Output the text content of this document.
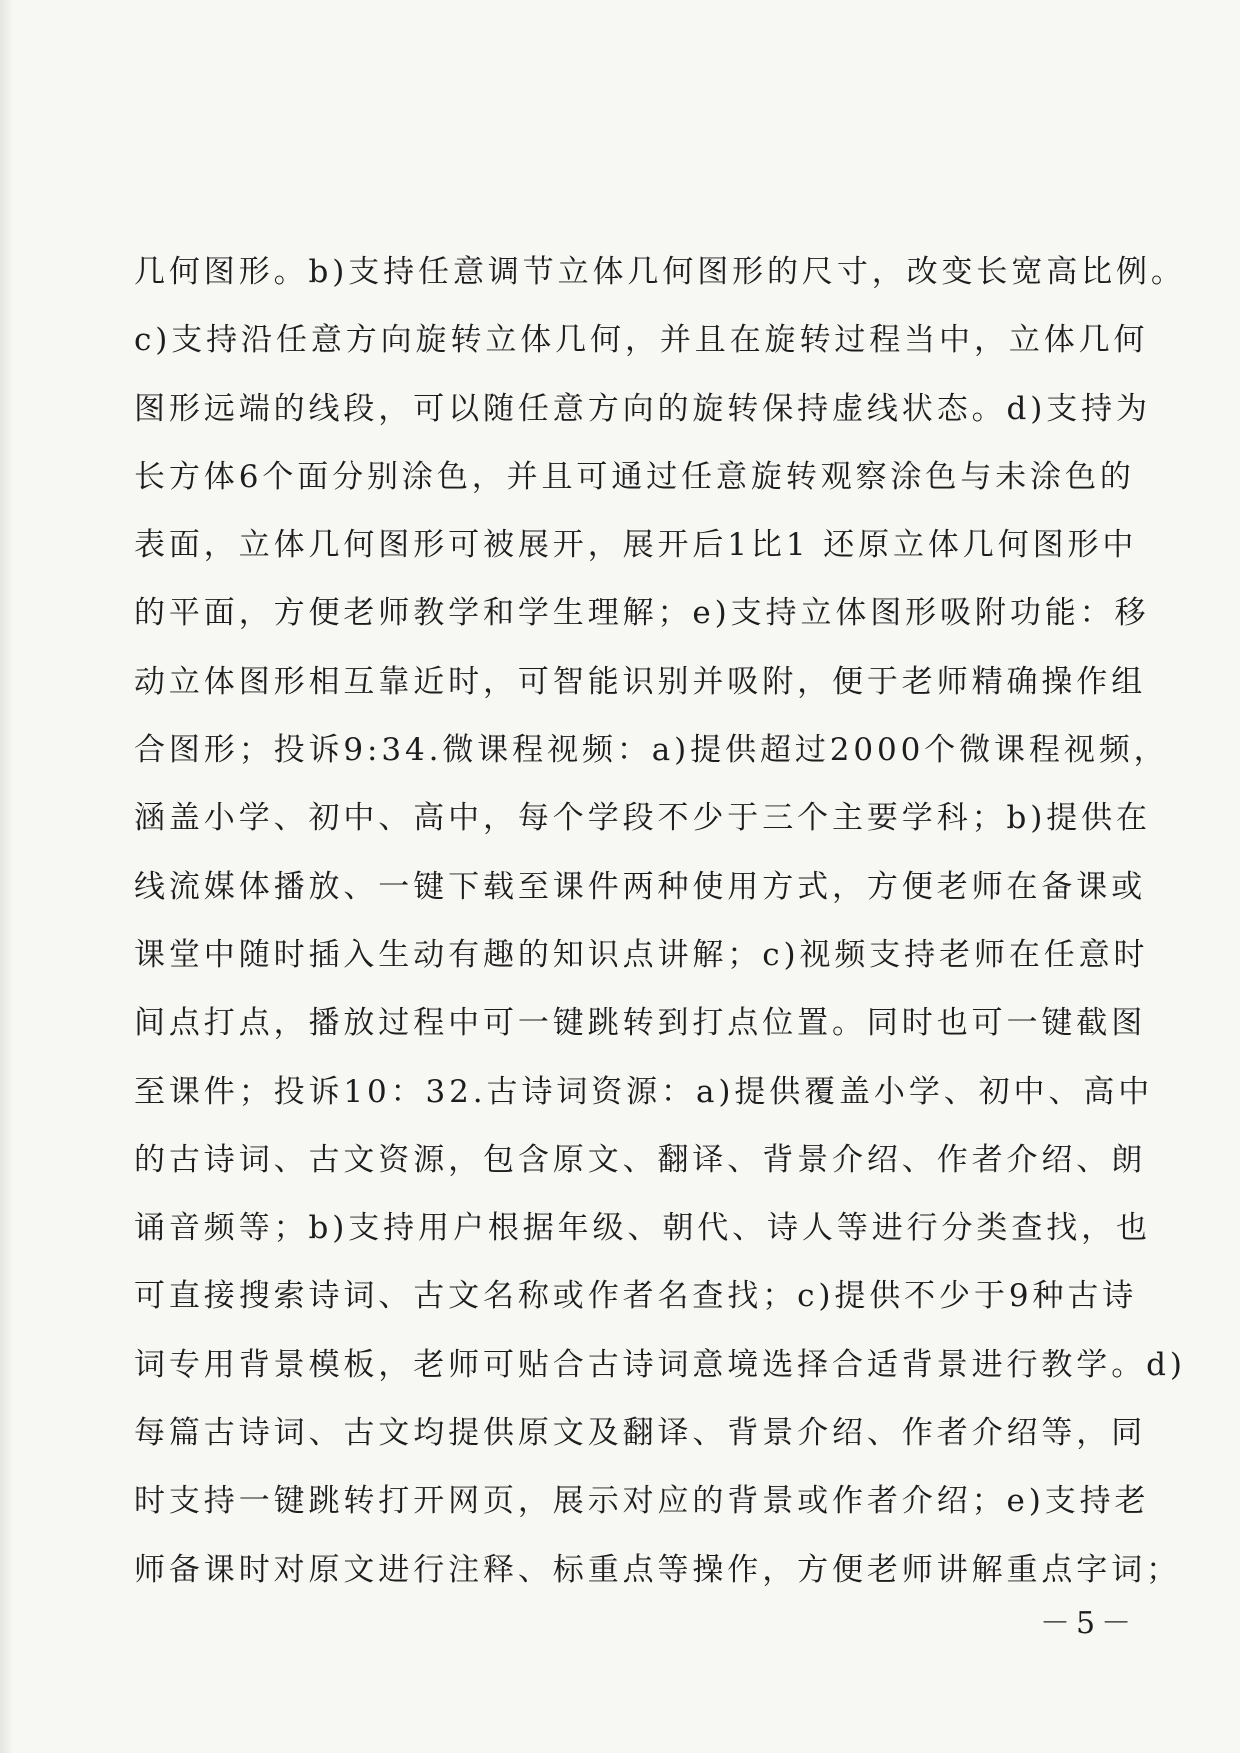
几何图形。b)支持任意调节立体几何图形的尺寸，改变长宽高比例。
c)支持沿任意方向旋转立体几何，并且在旋转过程当中，立体几何
图形远端的线段，可以随任意方向的旋转保持虚线状态。d)支持为
长方体6个面分别涂色，并且可通过任意旋转观察涂色与未涂色的
表面，立体几何图形可被展开，展开后1比1 还原立体几何图形中
的平面，方便老师教学和学生理解；e)支持立体图形吸附功能：移
动立体图形相互靠近时，可智能识别并吸附，便于老师精确操作组
合图形；投诉9:34.微课程视频：a)提供超过2000个微课程视频，
涵盖小学、初中、高中，每个学段不少于三个主要学科；b)提供在
线流媒体播放、一键下载至课件两种使用方式，方便老师在备课或
课堂中随时插入生动有趣的知识点讲解；c)视频支持老师在任意时
间点打点，播放过程中可一键跳转到打点位置。同时也可一键截图
至课件；投诉10：32.古诗词资源：a)提供覆盖小学、初中、高中
的古诗词、古文资源，包含原文、翻译、背景介绍、作者介绍、朗
诵音频等；b)支持用户根据年级、朝代、诗人等进行分类查找，也
可直接搜索诗词、古文名称或作者名查找；c)提供不少于9种古诗
词专用背景模板，老师可贴合古诗词意境选择合适背景进行教学。d)
每篇古诗词、古文均提供原文及翻译、背景介绍、作者介绍等，同
时支持一键跳转打开网页，展示对应的背景或作者介绍；e)支持老
师备课时对原文进行注释、标重点等操作，方便老师讲解重点字词；
－5－
